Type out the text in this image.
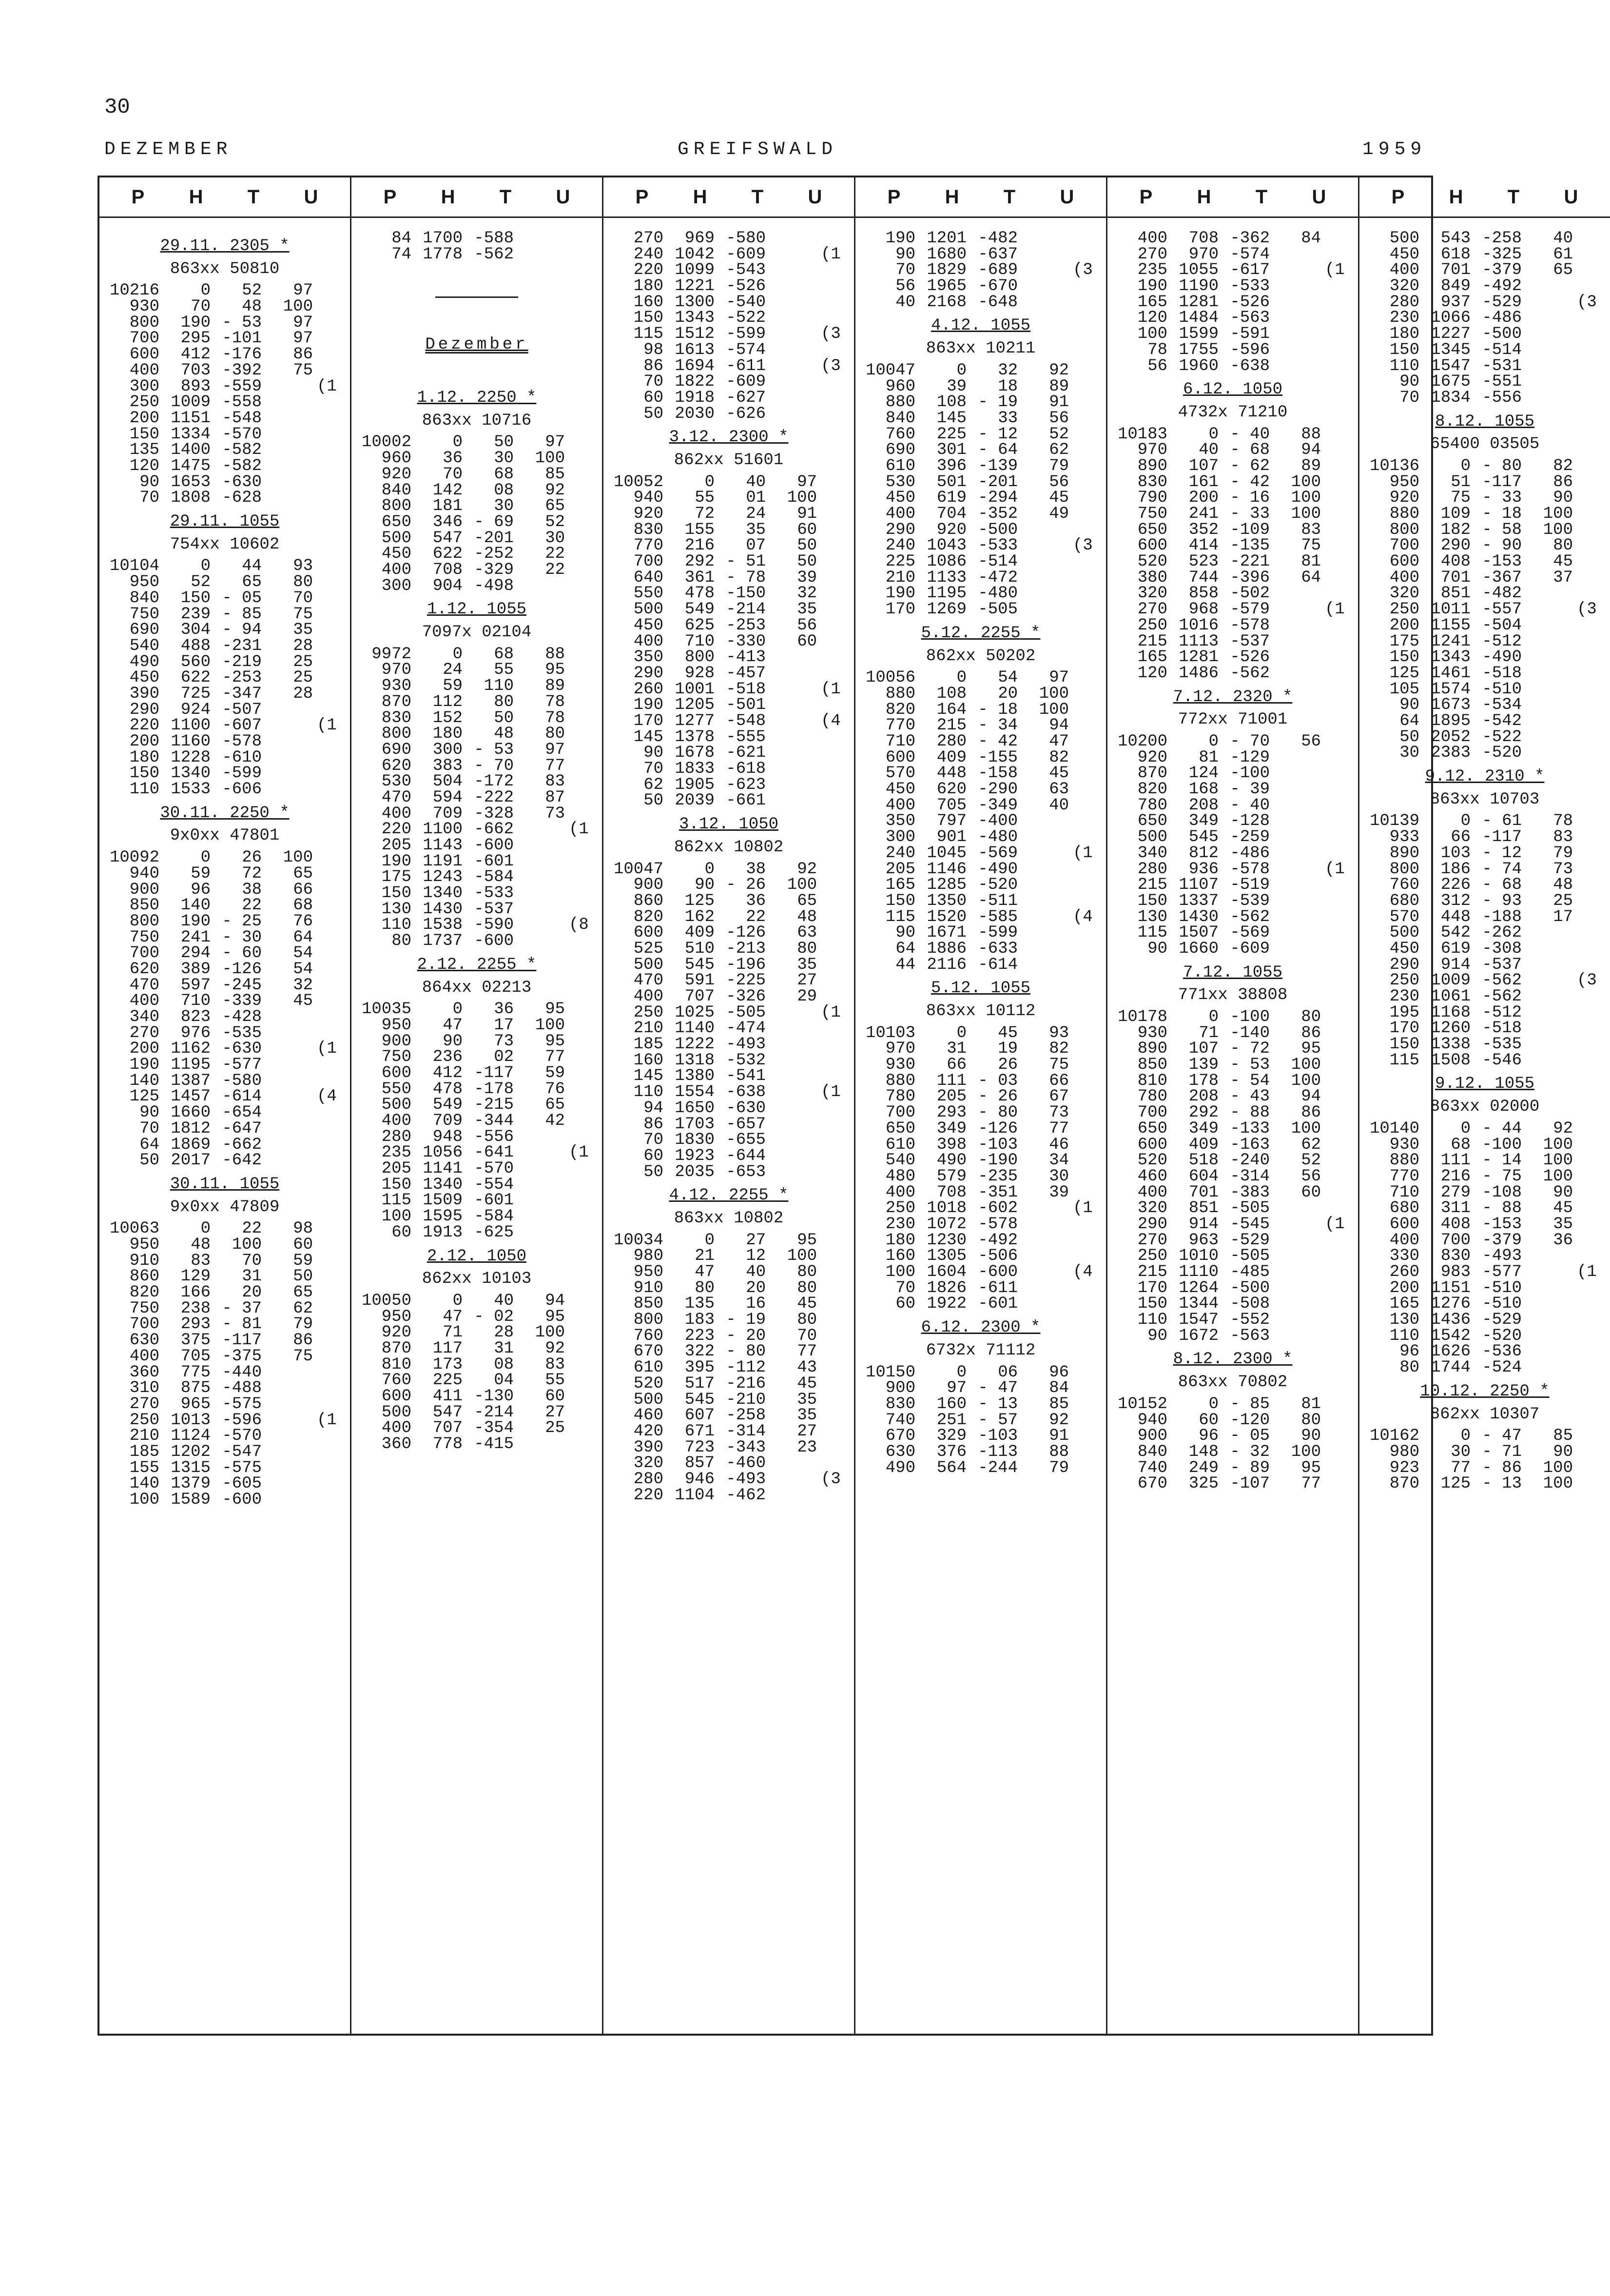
30
DEZEMBER	GREIFSWALD	1959
P H T U
29.11. 2305 *
863xx 50810
10216	0	52	97
930	70	48	100
800	190 - 53	97
700	295 -101	97
600	412 -176	86
400	703 -392	75
300	893 -559	(1
250 1009 -558
200 1151 -548
150 1334 -570
135 1400 -582
120 1475 -582
90 1653 -630
70 1808 -628
29.11. 1055
754xx 10602
10104	0	44	93
950	52	65	80
840	150 - 05	70
750	239 - 85	75
690	304 - 94	35
540	488 -231	28
490	560 -219	25
450	622 -253	25
390	725 -347	28
290	924 -507
220 1100 -607	(1
200 1160 -578
180 1228 -610
150 1340 -599
110 1533 -606
30.11. 2250 *
9x0xx 47801
10092	0	26	100
940	59	72	65
900	96	38	66
850	140	22	68
800	190 - 25	76
750	241 - 30	64
700	294 - 60	54
620	389 -126	54
470	597 -245	32
400	710 -339	45
340	823 -428
270	976 -535
200 1162 -630	(1
190 1195 -577
140 1387 -580
125 1457 -614	(4
90 1660 -654
70 1812 -647
64 1869 -662
50 2017 -642
30.11. 1055
9x0xx 47809
10063	0	22	98
950	48	100	60
910	83	70	59
860	129	31	50
820	166	20	65
750	238 - 37	62
700	293 - 81	79
630	375 -117	86
400	705 -375	75
360	775 -440
310	875 -488
270	965 -575
250 1013 -596	(1
210 1124 -570
185 1202 -547
155 1315 -575
140 1379 -605
100 1589 -600
P H T U
84 1700 -588
74 1778 -562
Dezember
1.12. 2250 *
863xx 10716
10002	0	50	97
960	36	30	100
920	70	68	85
840	142	08	92
800	181	30	65
650	346 - 69	52
500	547 -201	30
450	622 -252	22
400	708 -329	22
300	904 -498
1.12. 1055
7097x 02104
9972	0	68	88
970	24	55	95
930	59	110	89
870	112	80	78
830	152	50	78
800	180	48	80
690	300 - 53	97
620	383 - 70	77
530	504 -172	83
470	594 -222	87
400	709 -328	73
220 1100 -662	(1
205 1143 -600
190 1191 -601
175 1243 -584
150 1340 -533
130 1430 -537
110 1538 -590	(8
80 1737 -600
2.12. 2255 *
864xx 02213
10035	0	36	95
950	47	17	100
900	90	73	95
750	236	02	77
600	412 -117	59
550	478 -178	76
500	549 -215	65
400	709 -344	42
280	948 -556
235 1056 -641	(1
205 1141 -570
150 1340 -554
115 1509 -601
100 1595 -584
60 1913 -625
2.12. 1050
862xx 10103
10050	0	40	94
950	47 - 02	95
920	71	28	100
870	117	31	92
810	173	08	83
760	225	04	55
600	411 -130	60
500	547 -214	27
400	707 -354	25
360	778 -415
P H T U
270	969 -580
240 1042 -609	(1
220 1099 -543
180 1221 -526
160 1300 -540
150 1343 -522
115 1512 -599	(3
98 1613 -574
86 1694 -611	(3
70 1822 -609
60 1918 -627
50 2030 -626
3.12. 2300 *
862xx 51601
10052	0	40	97
940	55	01	100
920	72	24	91
830	155	35	60
770	216	07	50
700	292 - 51	50
640	361 - 78	39
550	478 -150	32
500	549 -214	35
450	625 -253	56
400	710 -330	60
350	800 -413
290	928 -457
260 1001 -518	(1
190 1205 -501
170 1277 -548	(4
145 1378 -555
90 1678 -621
70 1833 -618
62 1905 -623
50 2039 -661
3.12. 1050
862xx 10802
10047	0	38	92
900	90 - 26	100
860	125	36	65
820	162	22	48
600	409 -126	63
525	510 -213	80
500	545 -196	35
470	591 -225	27
400	707 -326	29
250 1025 -505	(1
210 1140 -474
185 1222 -493
160 1318 -532
145 1380 -541
110 1554 -638	(1
94 1650 -630
86 1703 -657
70 1830 -655
60 1923 -644
50 2035 -653
4.12. 2255 *
863xx 10802
10034	0	27	95
980	21	12	100
950	47	40	80
910	80	20	80
850	135	16	45
800	183 - 19	80
760	223 - 20	70
670	322 - 80	77
610	395 -112	43
520	517 -216	45
500	545 -210	35
460	607 -258	35
420	671 -314	27
390	723 -343	23
320	857 -460
280	946 -493	(3
220 1104 -462
P H T U
190 1201 -482
90 1680 -637
70 1829 -689	(3
56 1965 -670
40 2168 -648
4.12. 1055
863xx 10211
10047	0	32	92
960	39	18	89
880	108 - 19	91
840	145	33	56
760	225 - 12	52
690	301 - 64	62
610	396 -139	79
530	501 -201	56
450	619 -294	45
400	704 -352	49
290	920 -500
240 1043 -533	(3
225 1086 -514
210 1133 -472
190 1195 -480
170 1269 -505
5.12. 2255 *
862xx 50202
10056	0	54	97
880	108	20	100
820	164 - 18	100
770	215 - 34	94
710	280 - 42	47
600	409 -155	82
570	448 -158	45
450	620 -290	63
400	705 -349	40
350	797 -400
300	901 -480
240 1045 -569	(1
205 1146 -490
165 1285 -520
150 1350 -511
115 1520 -585	(4
90 1671 -599
64 1886 -633
44 2116 -614
5.12. 1055
863xx 10112
10103	0	45	93
970	31	19	82
930	66	26	75
880	111 - 03	66
780	205 - 26	67
700	293 - 80	73
650	349 -126	77
610	398 -103	46
540	490 -190	34
480	579 -235	30
400	708 -351	39
250 1018 -602	(1
230 1072 -578
180 1230 -492
160 1305 -506
100 1604 -600	(4
70 1826 -611
60 1922 -601
6.12. 2300 *
6732x 71112
10150	0	06	96
900	97 - 47	84
830	160 - 13	85
740	251 - 57	92
670	329 -103	91
630	376 -113	88
490	564 -244	79
P H T U
400	708 -362	84
270	970 -574
235 1055 -617	(1
190 1190 -533
165 1281 -526
120 1484 -563
100 1599 -591
78 1755 -596
56 1960 -638
6.12. 1050
4732x 71210
10183	0 - 40	88
970	40 - 68	94
890	107 - 62	89
830	161 - 42	100
790	200 - 16	100
750	241 - 33	100
650	352 -109	83
600	414 -135	75
520	523 -221	81
380	744 -396	64
320	858 -502
270	968 -579	(1
250 1016 -578
215 1113 -537
165 1281 -526
120 1486 -562
7.12. 2320 *
772xx 71001
10200	0 - 70	56
920	81 -129
870	124 -100
820	168 - 39
780	208 - 40
650	349 -128
500	545 -259
340	812 -486
280	936 -578	(1
215 1107 -519
150 1337 -539
130 1430 -562
115 1507 -569
90 1660 -609
7.12. 1055
771xx 38808
10178	0 -100	80
930	71 -140	86
890	107 - 72	95
850	139 - 53	100
810	178 - 54	100
780	208 - 43	94
700	292 - 88	86
650	349 -133	100
600	409 -163	62
520	518 -240	52
460	604 -314	56
400	701 -383	60
320	851 -505
290	914 -545	(1
270	963 -529
250 1010 -505
215 1110 -485
170 1264 -500
150 1344 -508
110 1547 -552
90 1672 -563
8.12. 2300 *
863xx 70802
10152	0 - 85	81
940	60 -120	80
900	96 - 05	90
840	148 - 32	100
740	249 - 89	95
670	325 -107	77
P H T U
500	543 -258	40
450	618 -325	61
400	701 -379	65
320	849 -492
280	937 -529	(3
230 1066 -486
180 1227 -500
150 1345 -514
110 1547 -531
90 1675 -551
70 1834 -556
8.12. 1055
65400 03505
10136	0 - 80	82
950	51 -117	86
920	75 - 33	90
880	109 - 18	100
800	182 - 58	100
700	290 - 90	80
600	408 -153	45
400	701 -367	37
320	851 -482
250 1011 -557	(3
200 1155 -504
175 1241 -512
150 1343 -490
125 1461 -518
105 1574 -510
90 1673 -534
64 1895 -542
50 2052 -522
30 2383 -520
9.12. 2310 *
863xx 10703
10139	0 - 61	78
933	66 -117	83
890	103 - 12	79
800	186 - 74	73
760	226 - 68	48
680	312 - 93	25
570	448 -188	17
500	542 -262
450	619 -308
290	914 -537
250 1009 -562	(3
230 1061 -562
195 1168 -512
170 1260 -518
150 1338 -535
115 1508 -546
9.12. 1055
863xx 02000
10140	0 - 44	92
930	68 -100	100
880	111 - 14	100
770	216 - 75	100
710	279 -108	90
680	311 - 88	45
600	408 -153	35
400	700 -379	36
330	830 -493
260	983 -577	(1
200 1151 -510
165 1276 -510
130 1436 -529
110 1542 -520
96 1626 -536
80 1744 -524
10.12. 2250 *
862xx 10307
10162	0 - 47	85
980	30 - 71	90
923	77 - 86	100
870	125 - 13	100
